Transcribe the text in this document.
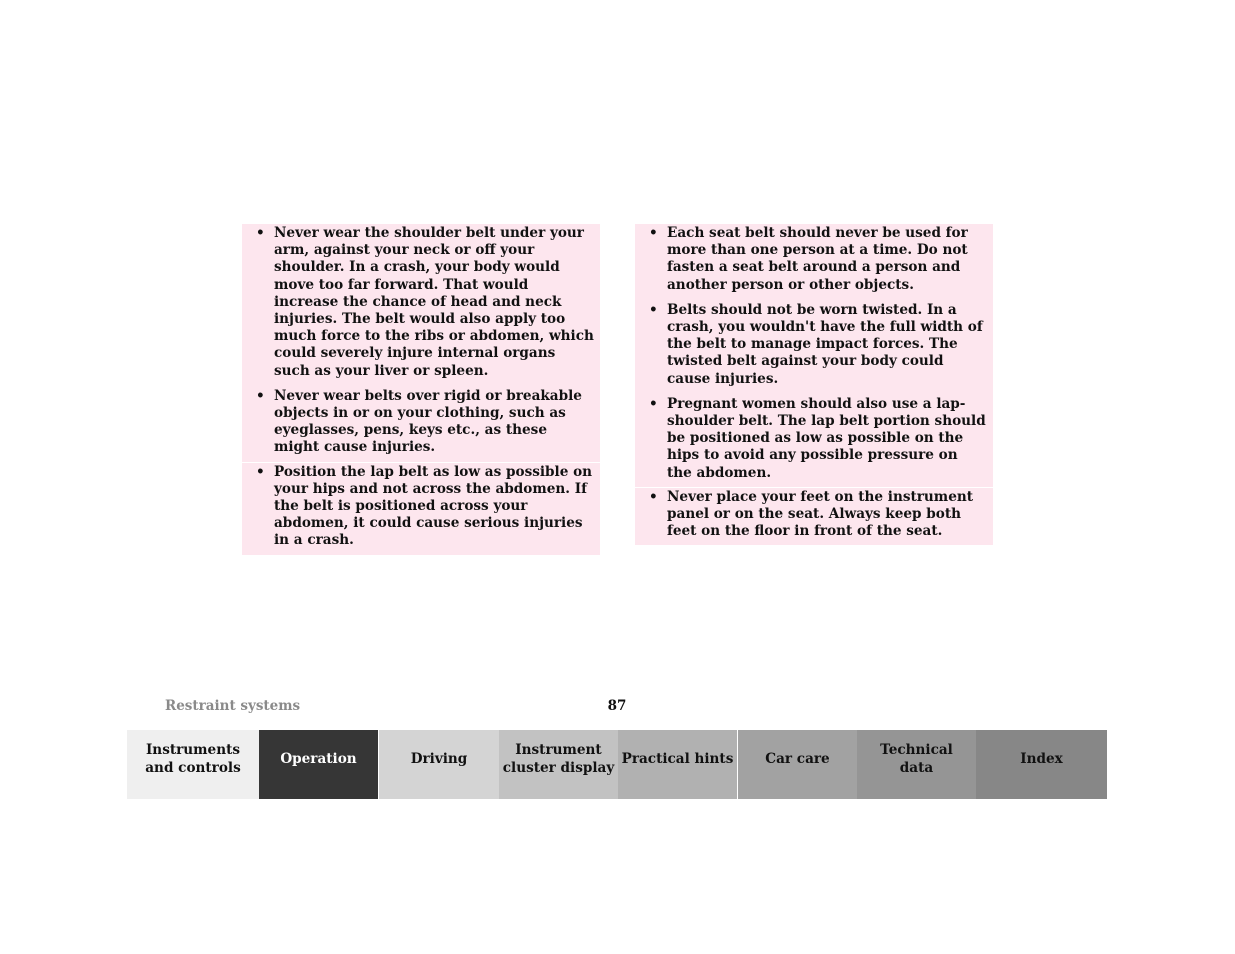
• Never wear the shoulder belt under your arm, against your neck or off your shoulder. In a crash, your body would move too far forward. That would increase the chance of head and neck injuries. The belt would also apply too much force to the ribs or abdomen, which could severely injure internal organs such as your liver or spleen.
• Never wear belts over rigid or breakable objects in or on your clothing, such as eyeglasses, pens, keys etc., as these might cause injuries.
• Position the lap belt as low as possible on your hips and not across the abdomen. If the belt is positioned across your abdomen, it could cause serious injuries in a crash.
• Each seat belt should never be used for more than one person at a time. Do not fasten a seat belt around a person and another person or other objects.
• Belts should not be worn twisted. In a crash, you wouldn't have the full width of the belt to manage impact forces. The twisted belt against your body could cause injuries.
• Pregnant women should also use a lap-shoulder belt. The lap belt portion should be positioned as low as possible on the hips to avoid any possible pressure on the abdomen.
• Never place your feet on the instrument panel or on the seat. Always keep both feet on the floor in front of the seat.
Restraint systems	87
Instruments
and controls
Operation	Driving
Instrument
cluster display
Practical hints Car care
Technical
data
Index
